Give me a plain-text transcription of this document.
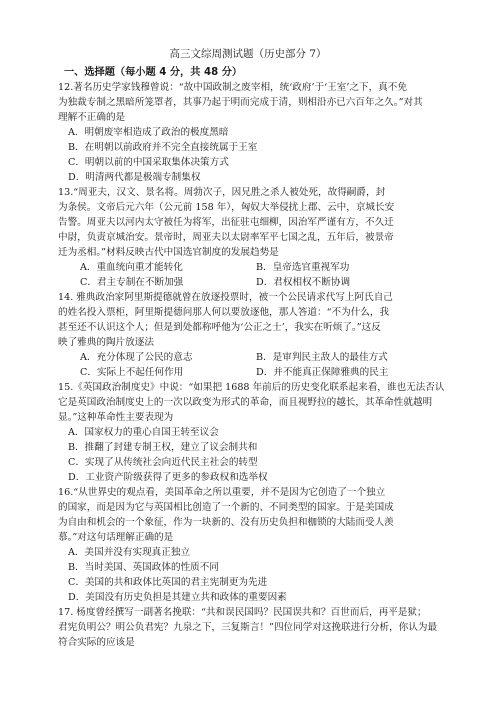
高三文综周测试题（历史部分 7）
一、选择题（每小题 4 分，共 48 分）
12.著名历史学家钱穆曾说：“故中国政制之废宰相，统‘政府’于‘王室’之下，真不免
为独裁专制之黑暗所笼罩者，其事乃起于明而完成于清，则相沿亦已六百年之久。”对其
理解不正确的是
A．明朝废宰相造成了政治的极度黑暗
B．在明朝以前政府并不完全直接统属于王室
C．明朝以前的中国采取集体决策方式
D．明清两代都是极端专制集权
13.“周亚夫，汉文、景名将。周勃次子，因兄胜之杀人被处死，故得嗣爵，封
为条侯。文帝后元六年（公元前 158 年），匈奴大举侵扰上郡、云中，京城长安
告警。周亚夫以河内太守被任为将军，出征驻屯细柳，因治军严谨有方，不久迁
中尉，负责京城治安。景帝时，周亚夫以太尉率军平七国之乱，五年后，被景帝
迁为丞相。”材料反映古代中国选官制度的发展趋势是
A．重血统向重才能转化	B．皇帝选官重视军功
C．君主专制在不断加强	D．君权相权不断协调
14. 雅典政治家阿里斯提德就曾在放逐投票时，被一个公民请求代写上阿氏自己
的姓名投入票柜，阿里斯提德问那人何以要放逐他，那人答道：“不为什么，我
甚至还不认识这个人；但是到处都称呼他为‘公正之士’，我实在听烦了。”这反
映了雅典的陶片放逐法
A．充分体现了公民的意志	B．是审判民主敌人的最佳方式
C．实际上不起任何作用	D．并不能真正保障雅典的民主
15.《英国政治制度史》中说：“如果把 1688 年前后的历史变化联系起来看，谁也无法否认
它是英国政治制度史上的一次以政变为形式的革命，而且视野拉的越长，其革命性就越明
显。”这种革命性主要表现为
A．国家权力的重心自国王转至议会
B．推翻了封建专制王权，建立了议会制共和
C．实现了从传统社会向近代民主社会的转型
D．工业资产阶级获得了更多的参政权和选举权
16.“从世界史的观点看，美国革命之所以重要，并不是因为它创造了一个独立
的国家，而是因为它与英国相比创造了一个新的、不同类型的国家。于是美国成
为自由和机会的一个象征，作为一块新的、没有历史负担和枷锁的大陆而受人羡
慕。”对这句话理解正确的是
A．美国并没有实现真正独立
B．当时美国、英国政体的性质不同
C．美国的共和政体比英国的君主宪制更为先进
D．美国没有历史负担是其建立共和政体的重要因素
17. 杨度曾经撰写一副著名挽联：“共和误民国吗？民国误共和？百世而后，再平是狱；
君宪负明公？明公负君宪？九泉之下，三复斯言！”四位同学对这挽联进行分析，你认为最
符合实际的应该是
